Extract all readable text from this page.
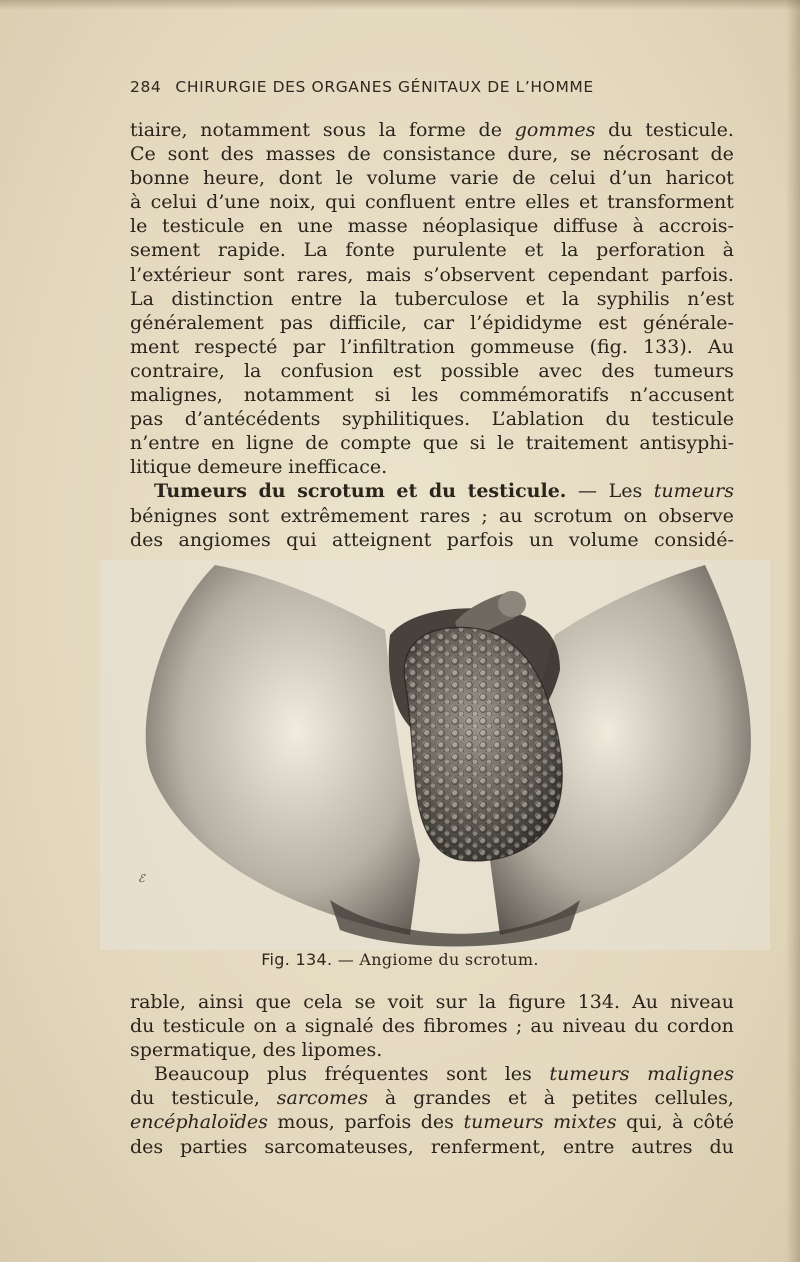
284 CHIRURGIE DES ORGANES GÉNITAUX DE L’HOMME
tiaire, notamment sous la forme de gommes du testicule.
Ce sont des masses de consistance dure, se nécrosant de
bonne heure, dont le volume varie de celui d’un haricot
à celui d’une noix, qui confluent entre elles et transforment
le testicule en une masse néoplasique diffuse à accrois-
sement rapide. La fonte purulente et la perforation à
l’extérieur sont rares, mais s’observent cependant parfois.
La distinction entre la tuberculose et la syphilis n’est
généralement pas difficile, car l’épididyme est générale-
ment respecté par l’infiltration gommeuse (fig. 133). Au
contraire, la confusion est possible avec des tumeurs
malignes, notamment si les commémoratifs n’accusent
pas d’antécédents syphilitiques. L’ablation du testicule
n’entre en ligne de compte que si le traitement antisyphi-
litique demeure inefficace.
Tumeurs du scrotum et du testicule. — Les tumeurs
bénignes sont extrêmement rares ; au scrotum on observe
des angiomes qui atteignent parfois un volume considé-
ℰ
Fig. 134. — Angiome du scrotum.
rable, ainsi que cela se voit sur la figure 134. Au niveau
du testicule on a signalé des fibromes ; au niveau du cordon
spermatique, des lipomes.
Beaucoup plus fréquentes sont les tumeurs malignes
du testicule, sarcomes à grandes et à petites cellules,
encéphaloïdes mous, parfois des tumeurs mixtes qui, à côté
des parties sarcomateuses, renferment, entre autres du
